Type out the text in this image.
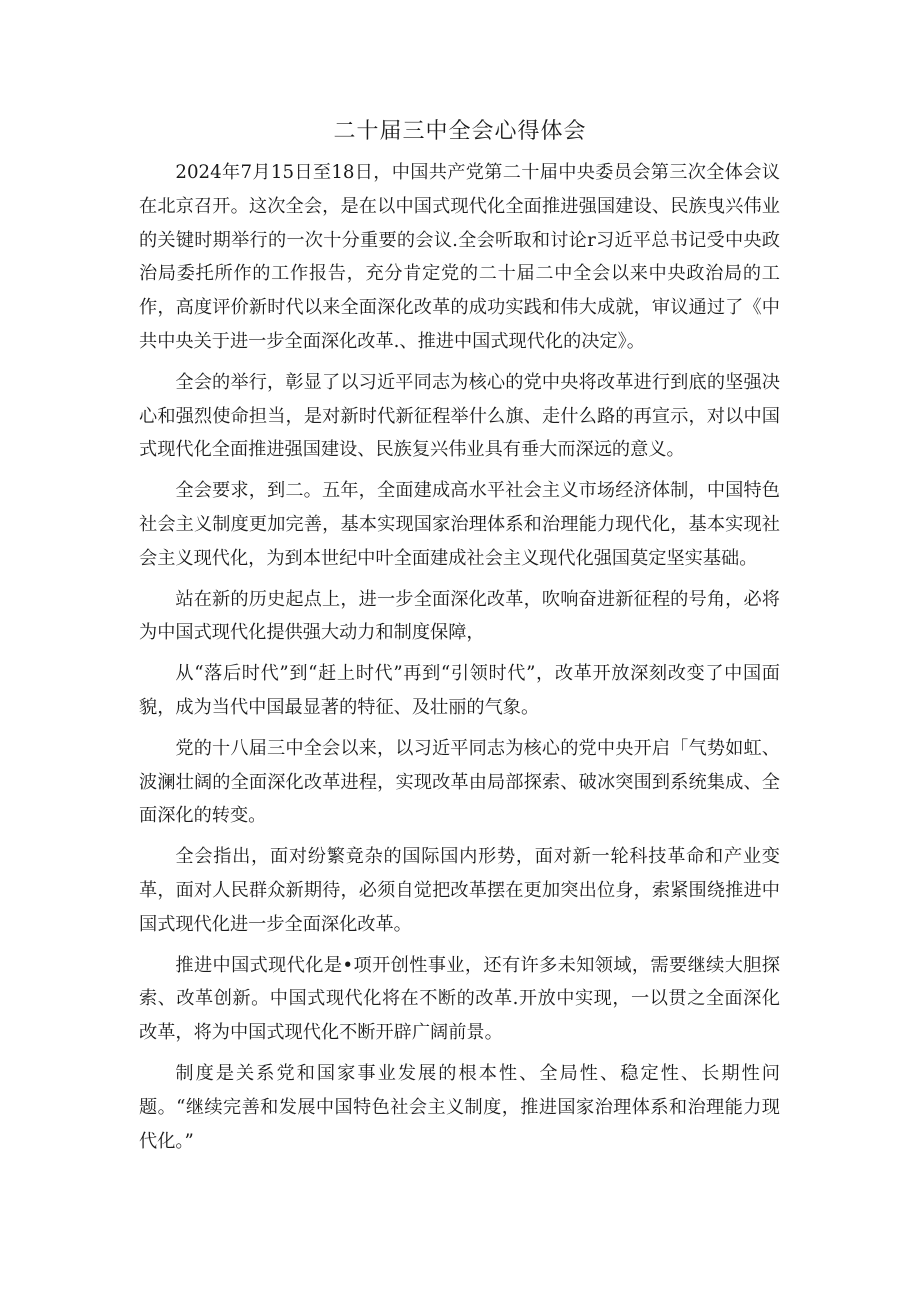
二十届三中全会心得体会

2024年7月15日至18日，中国共产党第二十届中央委员会第三次全体会议在北京召开。这次全会，是在以中国式现代化全面推进强国建设、民族曳兴伟业的关键时期举行的一次十分重要的会议.全会听取和讨论r习近平总书记受中央政治局委托所作的工作报告，充分肯定党的二十届二中全会以来中央政治局的工作，高度评价新时代以来全面深化改革的成功实践和伟大成就，审议通过了《中共中央关于进一步全面深化改革.、推进中国式现代化的决定》。

全会的举行，彰显了以习近平同志为核心的党中央将改革进行到底的坚强决心和强烈使命担当，是对新时代新征程举什么旗、走什么路的再宣示，对以中国式现代化全面推进强国建设、民族复兴伟业具有垂大而深远的意义。

全会要求，到二。五年，全面建成高水平社会主义市场经济体制，中国特色社会主义制度更加完善，基本实现国家治理体系和治理能力现代化，基本实现社会主义现代化，为到本世纪中叶全面建成社会主义现代化强国莫定坚实基础。

站在新的历史起点上，进一步全面深化改革，吹响奋进新征程的号角，必将为中国式现代化提供强大动力和制度保障，

从“落后时代”到“赶上时代”再到“引领时代”，改革开放深刻改变了中国面貌，成为当代中国最显著的特征、及壮丽的气象。

党的十八届三中全会以来，以习近平同志为核心的党中央开启「气势如虹、波澜壮阔的全面深化改革进程，实现改革由局部探索、破冰突围到系统集成、全面深化的转变。

全会指出，面对纷繁竟杂的国际国内形势，面对新一轮科技革命和产业变革，面对人民群众新期待，必须自觉把改革摆在更加突出位身，索紧围绕推进中国式现代化进一步全面深化改革。

推进中国式现代化是•项开创性事业，还有许多未知领域，需要继续大胆探索、改革创新。中国式现代化将在不断的改革.开放中实现，一以贯之全面深化改革，将为中国式现代化不断开辟广阔前景。

制度是关系党和国家事业发展的根本性、全局性、稳定性、长期性问题。“继续完善和发展中国特色社会主义制度，推进国家治理体系和治理能力现代化。”
